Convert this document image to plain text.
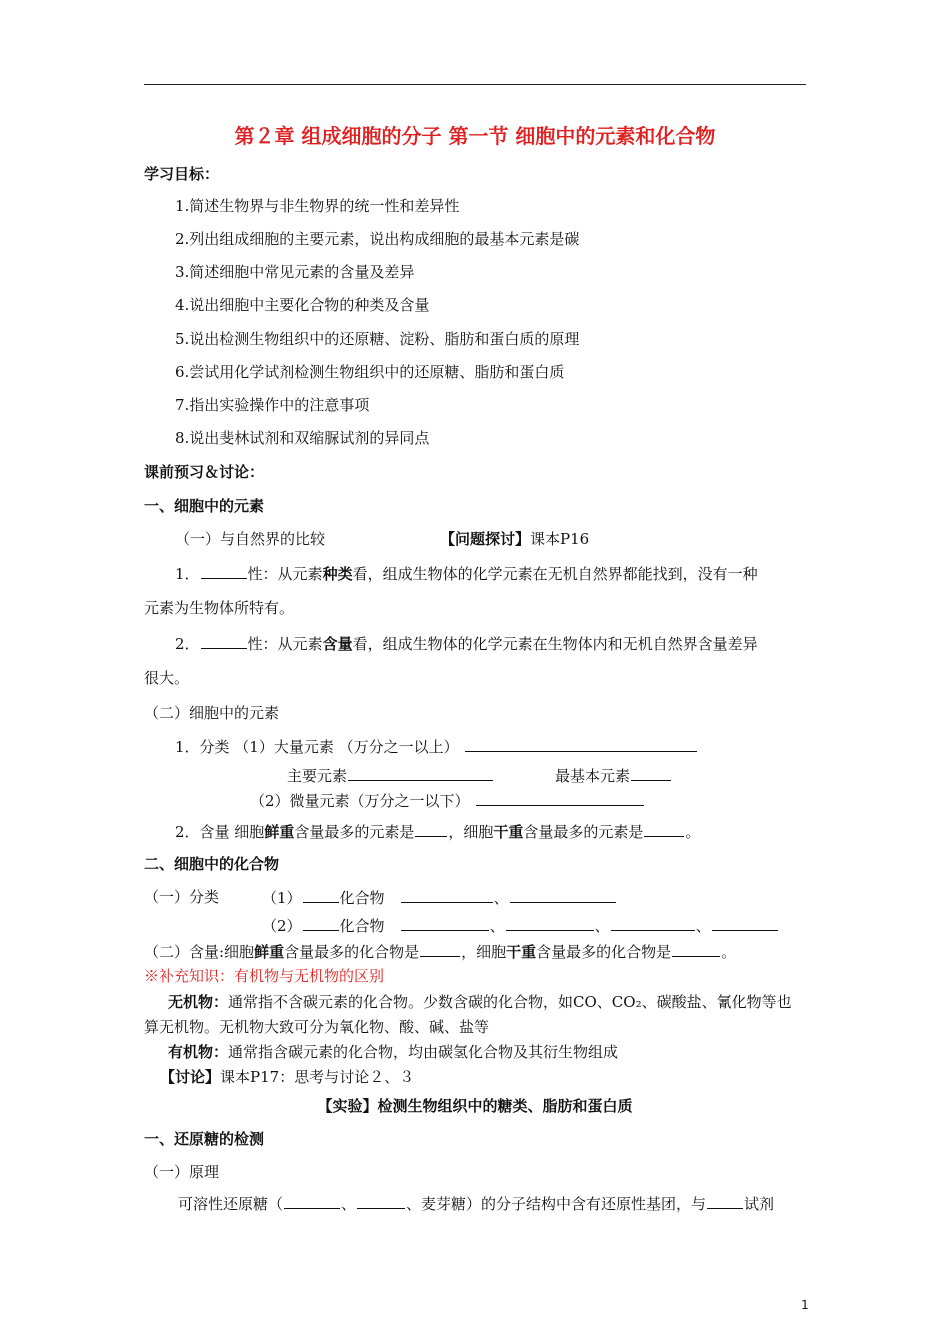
第２章 组成细胞的分子 第一节 细胞中的元素和化合物
学习目标：
1.简述生物界与非生物界的统一性和差异性
2.列出组成细胞的主要元素，说出构成细胞的最基本元素是碳
3.简述细胞中常见元素的含量及差异
4.说出细胞中主要化合物的种类及含量
5.说出检测生物组织中的还原糖、淀粉、脂肪和蛋白质的原理
6.尝试用化学试剂检测生物组织中的还原糖、脂肪和蛋白质
7.指出实验操作中的注意事项
8.说出斐林试剂和双缩脲试剂的异同点
课前预习＆讨论：
一、细胞中的元素
（一）与自然界的比较	【问题探讨】课本P16
1．	性：从元素种类看，组成生物体的化学元素在无机自然界都能找到，没有一种
元素为生物体所特有。
2．	性：从元素含量看，组成生物体的化学元素在生物体内和无机自然界含量差异
很大。
（二）细胞中的元素
1．分类 （1）大量元素 （万分之一以上）
主要元素	最基本元素
（2）微量元素（万分之一以下）
2．含量 细胞鲜重含量最多的元素是 ，细胞干重含量最多的元素是	。
二、细胞中的化合物
（一）分类	（1）	化合物	、
（2）	化合物	、	、	、
（二）含量:细胞鲜重含量最多的化合物是	，细胞干重含量最多的化合物是	。
※补充知识：有机物与无机物的区别
无机物：通常指不含碳元素的化合物。少数含碳的化合物，如CO、CO₂、碳酸盐、氰化物等也
算无机物。无机物大致可分为氧化物、酸、碱、盐等
有机物：通常指含碳元素的化合物，均由碳氢化合物及其衍生物组成
【讨论】课本P17：思考与讨论２、３
【实验】检测生物组织中的糖类、脂肪和蛋白质
一、还原糖的检测
（一）原理
可溶性还原糖（	、	、麦芽糖）的分子结构中含有还原性基团，与	试剂
1
